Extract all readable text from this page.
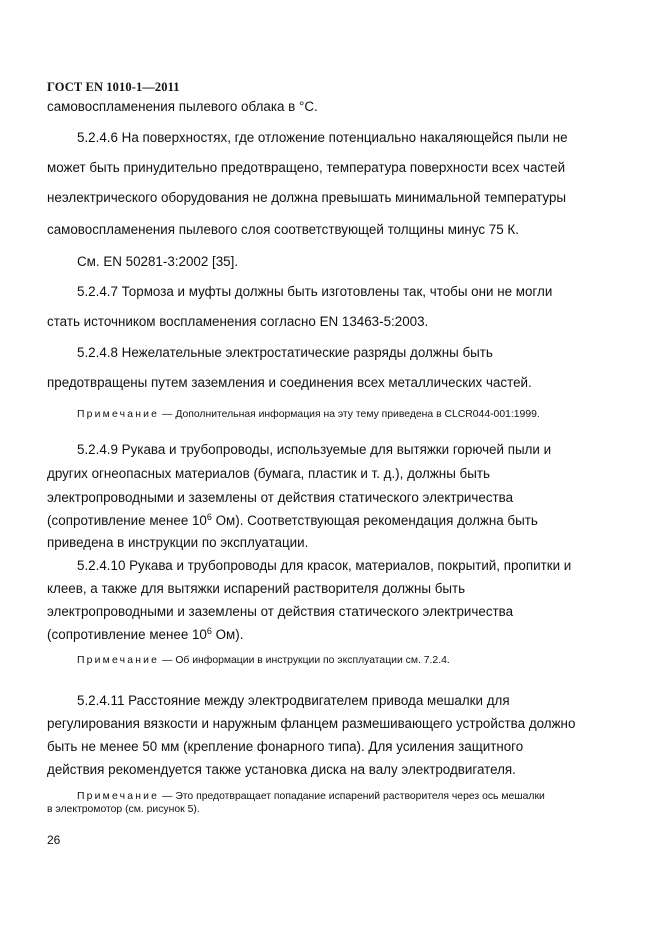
ГОСТ EN 1010-1—2011
самовоспламенения пылевого облака в °С.
5.2.4.6 На поверхностях, где отложение потенциально накаляющейся пыли не
может быть принудительно предотвращено, температура поверхности всех частей
неэлектрического оборудования не должна превышать минимальной температуры
самовоспламенения пылевого слоя соответствующей толщины минус 75 К.
См. EN 50281-3:2002 [35].
5.2.4.7 Тормоза и муфты должны быть изготовлены так, чтобы они не могли
стать источником воспламенения согласно EN 13463-5:2003.
5.2.4.8 Нежелательные электростатические разряды должны быть
предотвращены путем заземления и соединения всех металлических частей.
Примечание — Дополнительная информация на эту тему приведена в CLCR044-001:1999.
5.2.4.9 Рукава и трубопроводы, используемые для вытяжки горючей пыли и
других огнеопасных материалов (бумага, пластик и т. д.), должны быть
электропроводными и заземлены от действия статического электричества
(сопротивление менее $10^6$ Ом). Соответствующая рекомендация должна быть
приведена в инструкции по эксплуатации.
5.2.4.10 Рукава и трубопроводы для красок, материалов, покрытий, пропитки и
клеев, а также для вытяжки испарений растворителя должны быть
электропроводными и заземлены от действия статического электричества
(сопротивление менее $10^6$ Ом).
Примечание — Об информации в инструкции по эксплуатации см. 7.2.4.
5.2.4.11 Расстояние между электродвигателем привода мешалки для
регулирования вязкости и наружным фланцем размешивающего устройства должно
быть не менее 50 мм (крепление фонарного типа). Для усиления защитного
действия рекомендуется также установка диска на валу электродвигателя.
Примечание — Это предотвращает попадание испарений растворителя через ось мешалки
в электромотор (см. рисунок 5).
26
